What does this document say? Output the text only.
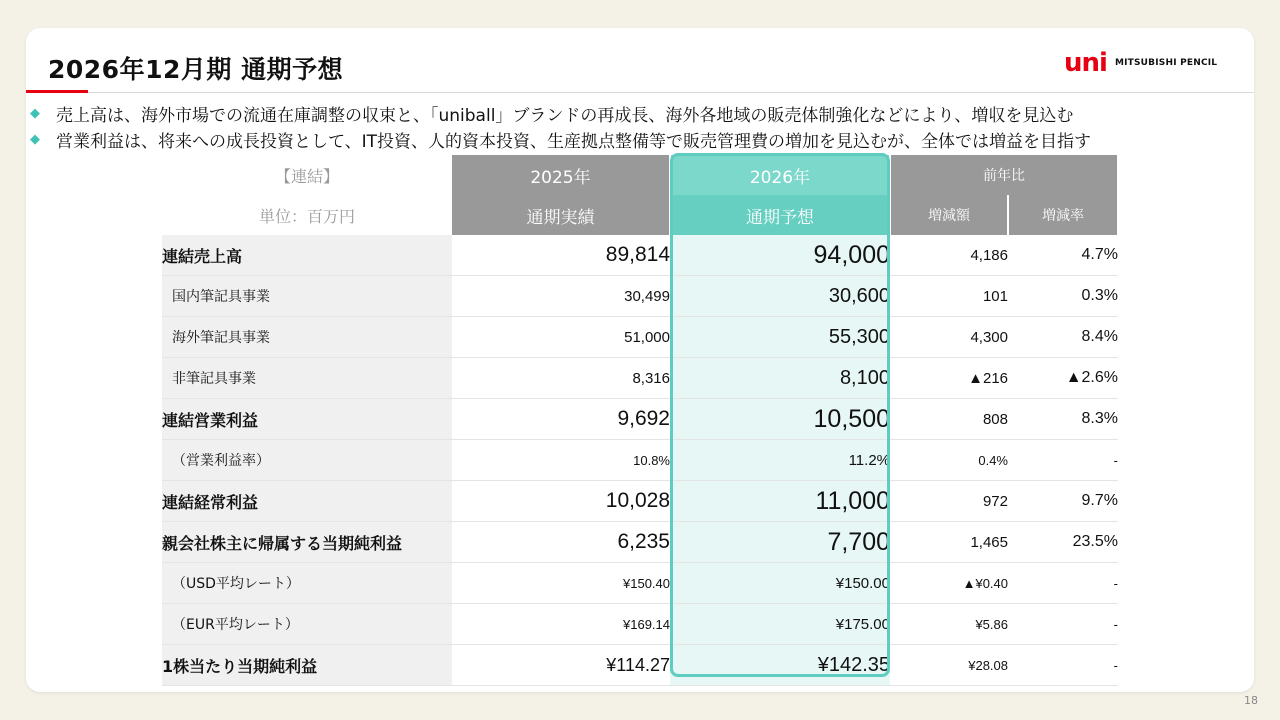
2026年12月期 通期予想	uni MITSUBISHI PENCIL
◆ 売上高は、海外市場での流通在庫調整の収束と、「uniball」ブランドの再成長、海外各地域の販売体制強化などにより、増収を見込む
◆ 営業利益は、将来への成長投資として、IT投資、人的資本投資、生産拠点整備等で販売管理費の増加を見込むが、全体では増益を目指す
【連結】	2025年	2026年	前年比	
単位：百万円	通期実績	通期予想	増減額	増減率
連結売上高	89,814	94,000	4,186	4.7%
国内筆記具事業	30,499	30,600	101	0.3%
海外筆記具事業	51,000	55,300	4,300	8.4%
非筆記具事業	8,316	8,100	▲216	▲2.6%
連結営業利益	9,692	10,500	808	8.3%
（営業利益率）	10.8%	11.2%	0.4%	-
連結経常利益	10,028	11,000	972	9.7%
親会社株主に帰属する当期純利益	6,235	7,700	1,465	23.5%
（USD平均レート）	¥150.40	¥150.00	▲¥0.40	-
（EUR平均レート）	¥169.14	¥175.00	¥5.86	-
1株当たり当期純利益	¥114.27	¥142.35	¥28.08	-
18
